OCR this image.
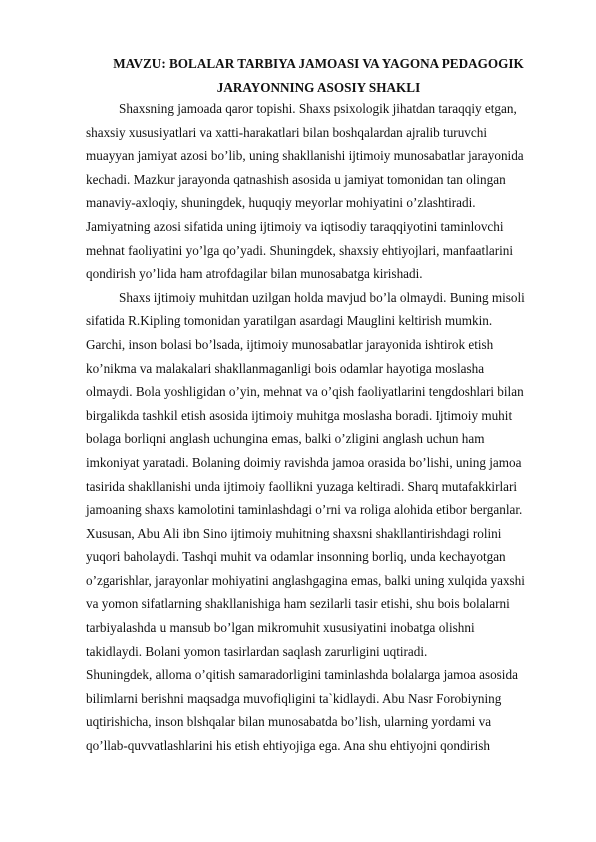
MAVZU: BOLALAR TARBIYA JAMOASI VA YAGONA PEDAGOGIK
JARAYONNING ASOSIY SHAKLI
Shaxsning jamoada qaror topishi. Shaxs psixologik jihatdan taraqqiy etgan,
shaxsiy xususiyatlari va xatti-harakatlari bilan boshqalardan ajralib turuvchi
muayyan jamiyat azosi bo’lib, uning shakllanishi ijtimoiy munosabatlar jarayonida
kechadi. Mazkur jarayonda qatnashish asosida u jamiyat tomonidan tan olingan
manaviy-axloqiy, shuningdek, huquqiy meyorlar mohiyatini o’zlashtiradi.
Jamiyatning azosi sifatida uning ijtimoiy va iqtisodiy taraqqiyotini taminlovchi
mehnat faoliyatini yo’lga qo’yadi. Shuningdek, shaxsiy ehtiyojlari, manfaatlarini
qondirish yo’lida ham atrofdagilar bilan munosabatga kirishadi.
Shaxs ijtimoiy muhitdan uzilgan holda mavjud bo’la olmaydi. Buning misoli
sifatida R.Kipling tomonidan yaratilgan asardagi Mauglini keltirish mumkin.
Garchi, inson bolasi bo’lsada, ijtimoiy munosabatlar jarayonida ishtirok etish
ko’nikma va malakalari shakllanmaganligi bois odamlar hayotiga moslasha
olmaydi. Bola yoshligidan o’yin, mehnat va o’qish faoliyatlarini tengdoshlari bilan
birgalikda tashkil etish asosida ijtimoiy muhitga moslasha boradi. Ijtimoiy muhit
bolaga borliqni anglash uchungina emas, balki o’zligini anglash uchun ham
imkoniyat yaratadi. Bolaning doimiy ravishda jamoa orasida bo’lishi, uning jamoa
tasirida shakllanishi unda ijtimoiy faollikni yuzaga keltiradi. Sharq mutafakkirlari
jamoaning shaxs kamolotini taminlashdagi o’rni va roliga alohida etibor berganlar.
Xususan, Abu Ali ibn Sino ijtimoiy muhitning shaxsni shakllantirishdagi rolini
yuqori baholaydi. Tashqi muhit va odamlar insonning borliq, unda kechayotgan
o’zgarishlar, jarayonlar mohiyatini anglashgagina emas, balki uning xulqida yaxshi
va yomon sifatlarning shakllanishiga ham sezilarli tasir etishi, shu bois bolalarni
tarbiyalashda u mansub bo’lgan mikromuhit xususiyatini inobatga olishni
takidlaydi. Bolani yomon tasirlardan saqlash zarurligini uqtiradi.
Shuningdek, alloma o’qitish samaradorligini taminlashda bolalarga jamoa asosida
bilimlarni berishni maqsadga muvofiqligini ta`kidlaydi. Abu Nasr Forobiyning
uqtirishicha, inson blshqalar bilan munosabatda bo’lish, ularning yordami va
qo’llab-quvvatlashlarini his etish ehtiyojiga ega. Ana shu ehtiyojni qondirish
